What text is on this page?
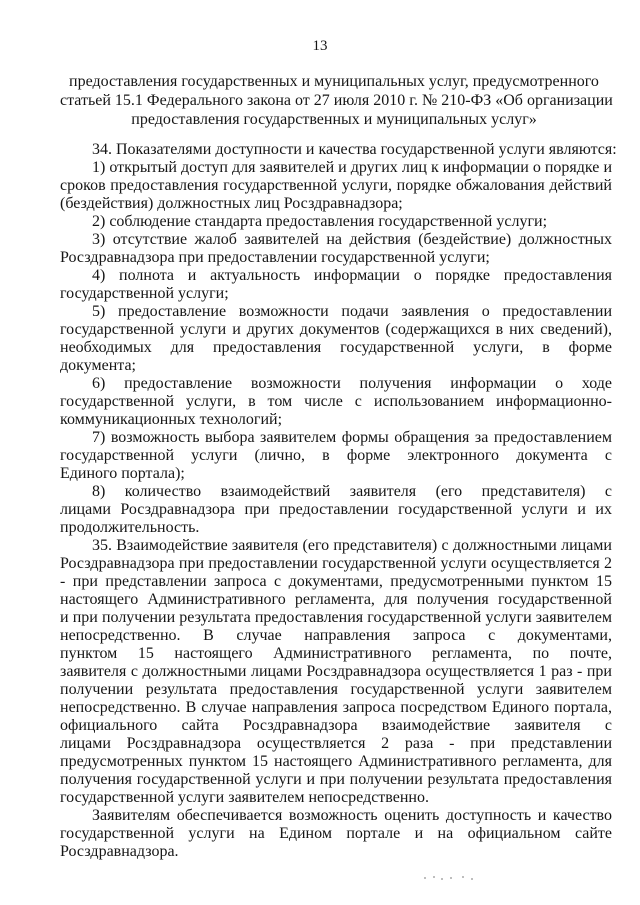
13
предоставления государственных и муниципальных услуг, предусмотренного
статьей 15.1 Федерального закона от 27 июля 2010 г. № 210-ФЗ «Об организации
предоставления государственных и муниципальных услуг»
34. Показателями доступности и качества государственной услуги являются:
1) открытый доступ для заявителей и других лиц к информации о порядке и
сроков предоставления государственной услуги, порядке обжалования действий
(бездействия) должностных лиц Росздравнадзора;
2) соблюдение стандарта предоставления государственной услуги;
3) отсутствие жалоб заявителей на действия (бездействие) должностных
Росздравнадзора при предоставлении государственной услуги;
4) полнота и актуальность информации о порядке предоставления
государственной услуги;
5) предоставление возможности подачи заявления о предоставлении
государственной услуги и других документов (содержащихся в них сведений),
необходимых для предоставления государственной услуги, в форме
документа;
6) предоставление возможности получения информации о ходе
государственной услуги, в том числе с использованием информационно-
коммуникационных технологий;
7) возможность выбора заявителем формы обращения за предоставлением
государственной услуги (лично, в форме электронного документа с
Единого портала);
8) количество взаимодействий заявителя (его представителя) с
лицами Росздравнадзора при предоставлении государственной услуги и их
продолжительность.
35. Взаимодействие заявителя (его представителя) с должностными лицами
Росздравнадзора при предоставлении государственной услуги осуществляется 2
- при представлении запроса с документами, предусмотренными пунктом 15
настоящего Административного регламента, для получения государственной
и при получении результата предоставления государственной услуги заявителем
непосредственно. В случае направления запроса с документами,
пунктом 15 настоящего Административного регламента, по почте,
заявителя с должностными лицами Росздравнадзора осуществляется 1 раз - при
получении результата предоставления государственной услуги заявителем
непосредственно. В случае направления запроса посредством Единого портала,
официального сайта Росздравнадзора взаимодействие заявителя с
лицами Росздравнадзора осуществляется 2 раза - при представлении
предусмотренных пунктом 15 настоящего Административного регламента, для
получения государственной услуги и при получении результата предоставления
государственной услуги заявителем непосредственно.
Заявителям обеспечивается возможность оценить доступность и качество
государственной услуги на Едином портале и на официальном сайте
Росздравнадзора.
